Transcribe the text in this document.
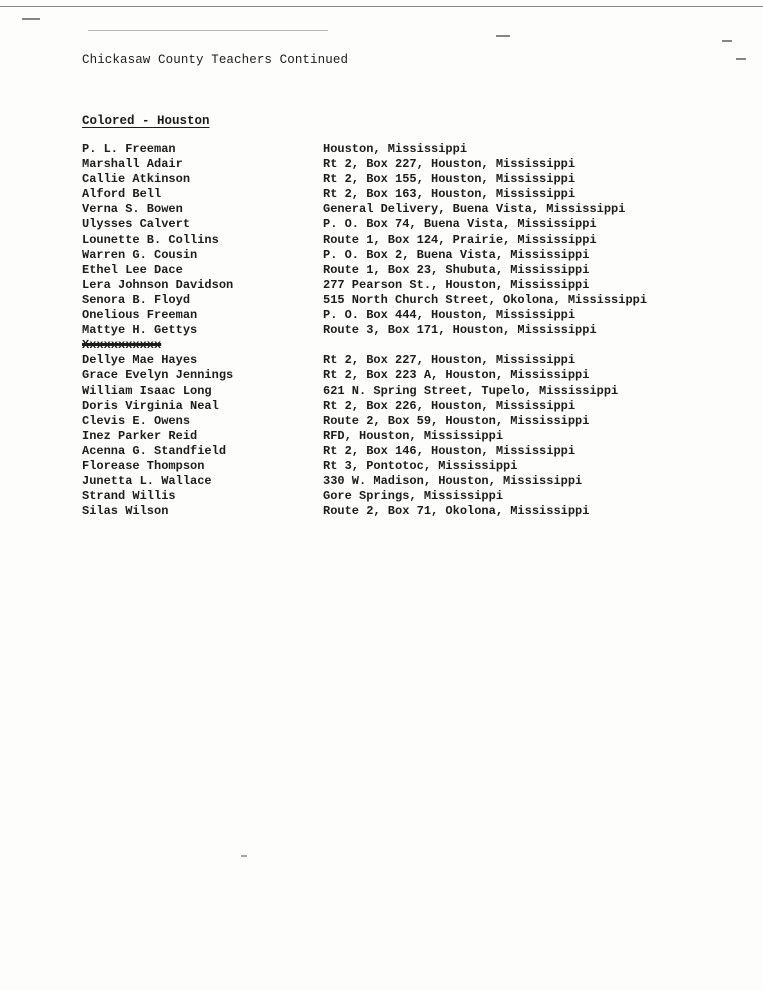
Chickasaw County Teachers Continued
Colored - Houston
P. L. Freeman	Houston, Mississippi
Marshall Adair	Rt 2, Box 227, Houston, Mississippi
Callie Atkinson	Rt 2, Box 155, Houston, Mississippi
Alford Bell	Rt 2, Box 163, Houston, Mississippi
Verna S. Bowen	General Delivery, Buena Vista, Mississippi
Ulysses Calvert	P. O. Box 74, Buena Vista, Mississippi
Lounette B. Collins	Route 1, Box 124, Prairie, Mississippi
Warren G. Cousin	P. O. Box 2, Buena Vista, Mississippi
Ethel Lee Dace	Route 1, Box 23, Shubuta, Mississippi
Lera Johnson Davidson	277 Pearson St., Houston, Mississippi
Senora B. Floyd	515 North Church Street, Okolona, Mississippi
Onelious Freeman	P. O. Box 444, Houston, Mississippi
Mattye H. Gettys	Route 3, Box 171, Houston, Mississippi
Xxxxxxxxxxx
Dellye Mae Hayes	Rt 2, Box 227, Houston, Mississippi
Grace Evelyn Jennings	Rt 2, Box 223 A, Houston, Mississippi
William Isaac Long	621 N. Spring Street, Tupelo, Mississippi
Doris Virginia Neal	Rt 2, Box 226, Houston, Mississippi
Clevis E. Owens	Route 2, Box 59, Houston, Mississippi
Inez Parker Reid	RFD, Houston, Mississippi
Acenna G. Standfield	Rt 2, Box 146, Houston, Mississippi
Florease Thompson	Rt 3, Pontotoc, Mississippi
Junetta L. Wallace	330 W. Madison, Houston, Mississippi
Strand Willis	Gore Springs, Mississippi
Silas Wilson	Route 2, Box 71, Okolona, Mississippi
